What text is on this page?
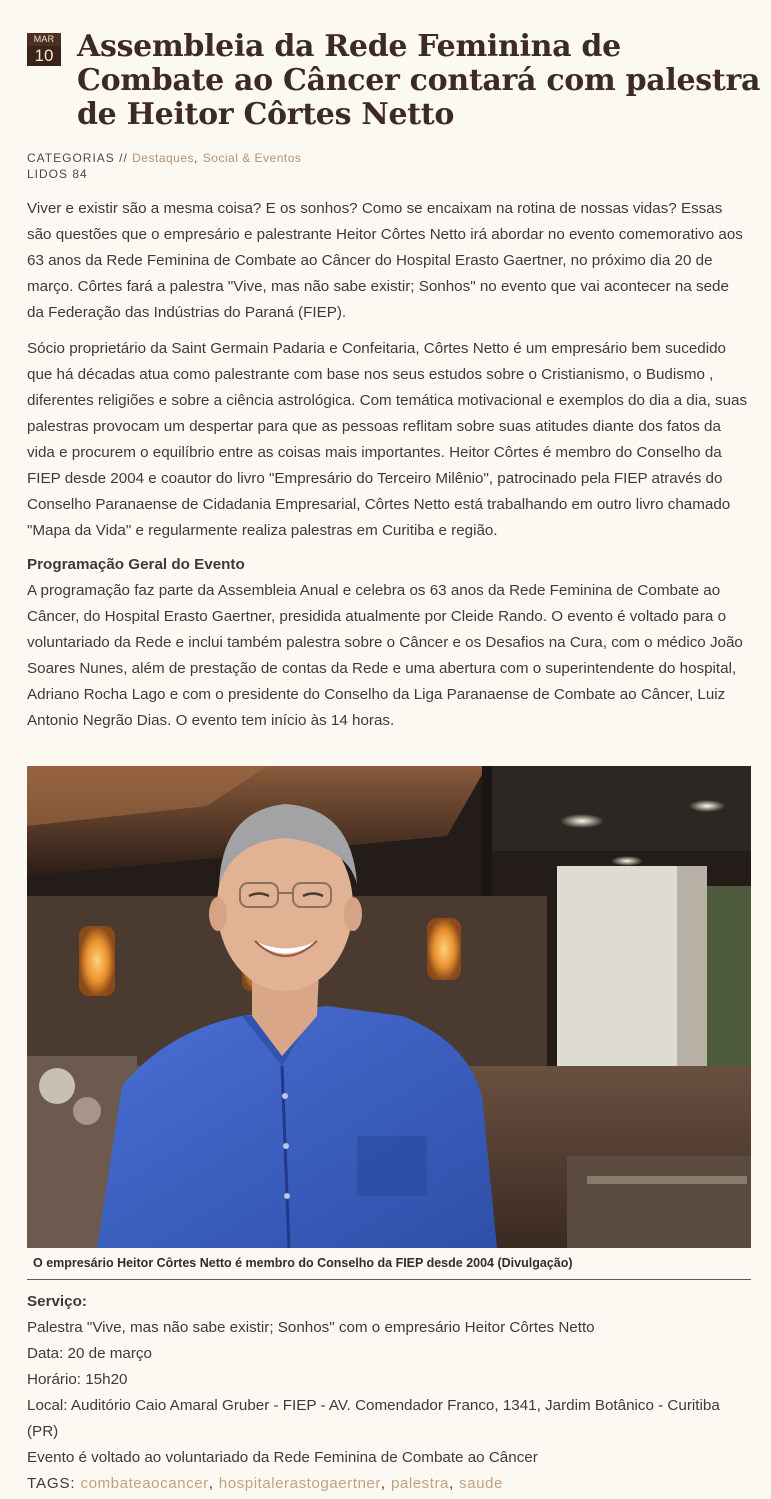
MAR
10 Assembleia da Rede Feminina de Combate ao Câncer contará com palestra de Heitor Côrtes Netto
CATEGORIAS // Destaques, Social & Eventos
LIDOS 84

Viver e existir são a mesma coisa? E os sonhos? Como se encaixam na rotina de nossas vidas? Essas são questões que o empresário e palestrante Heitor Côrtes Netto irá abordar no evento comemorativo aos 63 anos da Rede Feminina de Combate ao Câncer do Hospital Erasto Gaertner, no próximo dia 20 de março. Côrtes fará a palestra "Vive, mas não sabe existir; Sonhos" no evento que vai acontecer na sede da Federação das Indústrias do Paraná (FIEP).

Sócio proprietário da Saint Germain Padaria e Confeitaria, Côrtes Netto é um empresário bem sucedido que há décadas atua como palestrante com base nos seus estudos sobre o Cristianismo, o Budismo , diferentes religiões e sobre a ciência astrológica. Com temática motivacional e exemplos do dia a dia, suas palestras provocam um despertar para que as pessoas reflitam sobre suas atitudes diante dos fatos da vida e procurem o equilíbrio entre as coisas mais importantes. Heitor Côrtes é membro do Conselho da FIEP desde 2004 e coautor do livro "Empresário do Terceiro Milênio", patrocinado pela FIEP através do Conselho Paranaense de Cidadania Empresarial, Côrtes Netto está trabalhando em outro livro chamado "Mapa da Vida" e regularmente realiza palestras em Curitiba e região.

Programação Geral do Evento

A programação faz parte da Assembleia Anual e celebra os 63 anos da Rede Feminina de Combate ao Câncer, do Hospital Erasto Gaertner, presidida atualmente por Cleide Rando. O evento é voltado para o voluntariado da Rede e inclui também palestra sobre o Câncer e os Desafios na Cura, com o médico João Soares Nunes, além de prestação de contas da Rede e uma abertura com o superintendente do hospital, Adriano Rocha Lago e com o presidente do Conselho da Liga Paranaense de Combate ao Câncer, Luiz Antonio Negrão Dias. O evento tem início às 14 horas.

O empresário Heitor Côrtes Netto é membro do Conselho da FIEP desde 2004 (Divulgação)
Serviço:
Palestra "Vive, mas não sabe existir; Sonhos" com o empresário Heitor Côrtes Netto
Data: 20 de março
Horário: 15h20
Local: Auditório Caio Amaral Gruber - FIEP - AV. Comendador Franco, 1341, Jardim Botânico - Curitiba (PR)
Evento é voltado ao voluntariado da Rede Feminina de Combate ao Câncer
TAGS: combateaocancer, hospitalerastogaertner, palestra, saude
